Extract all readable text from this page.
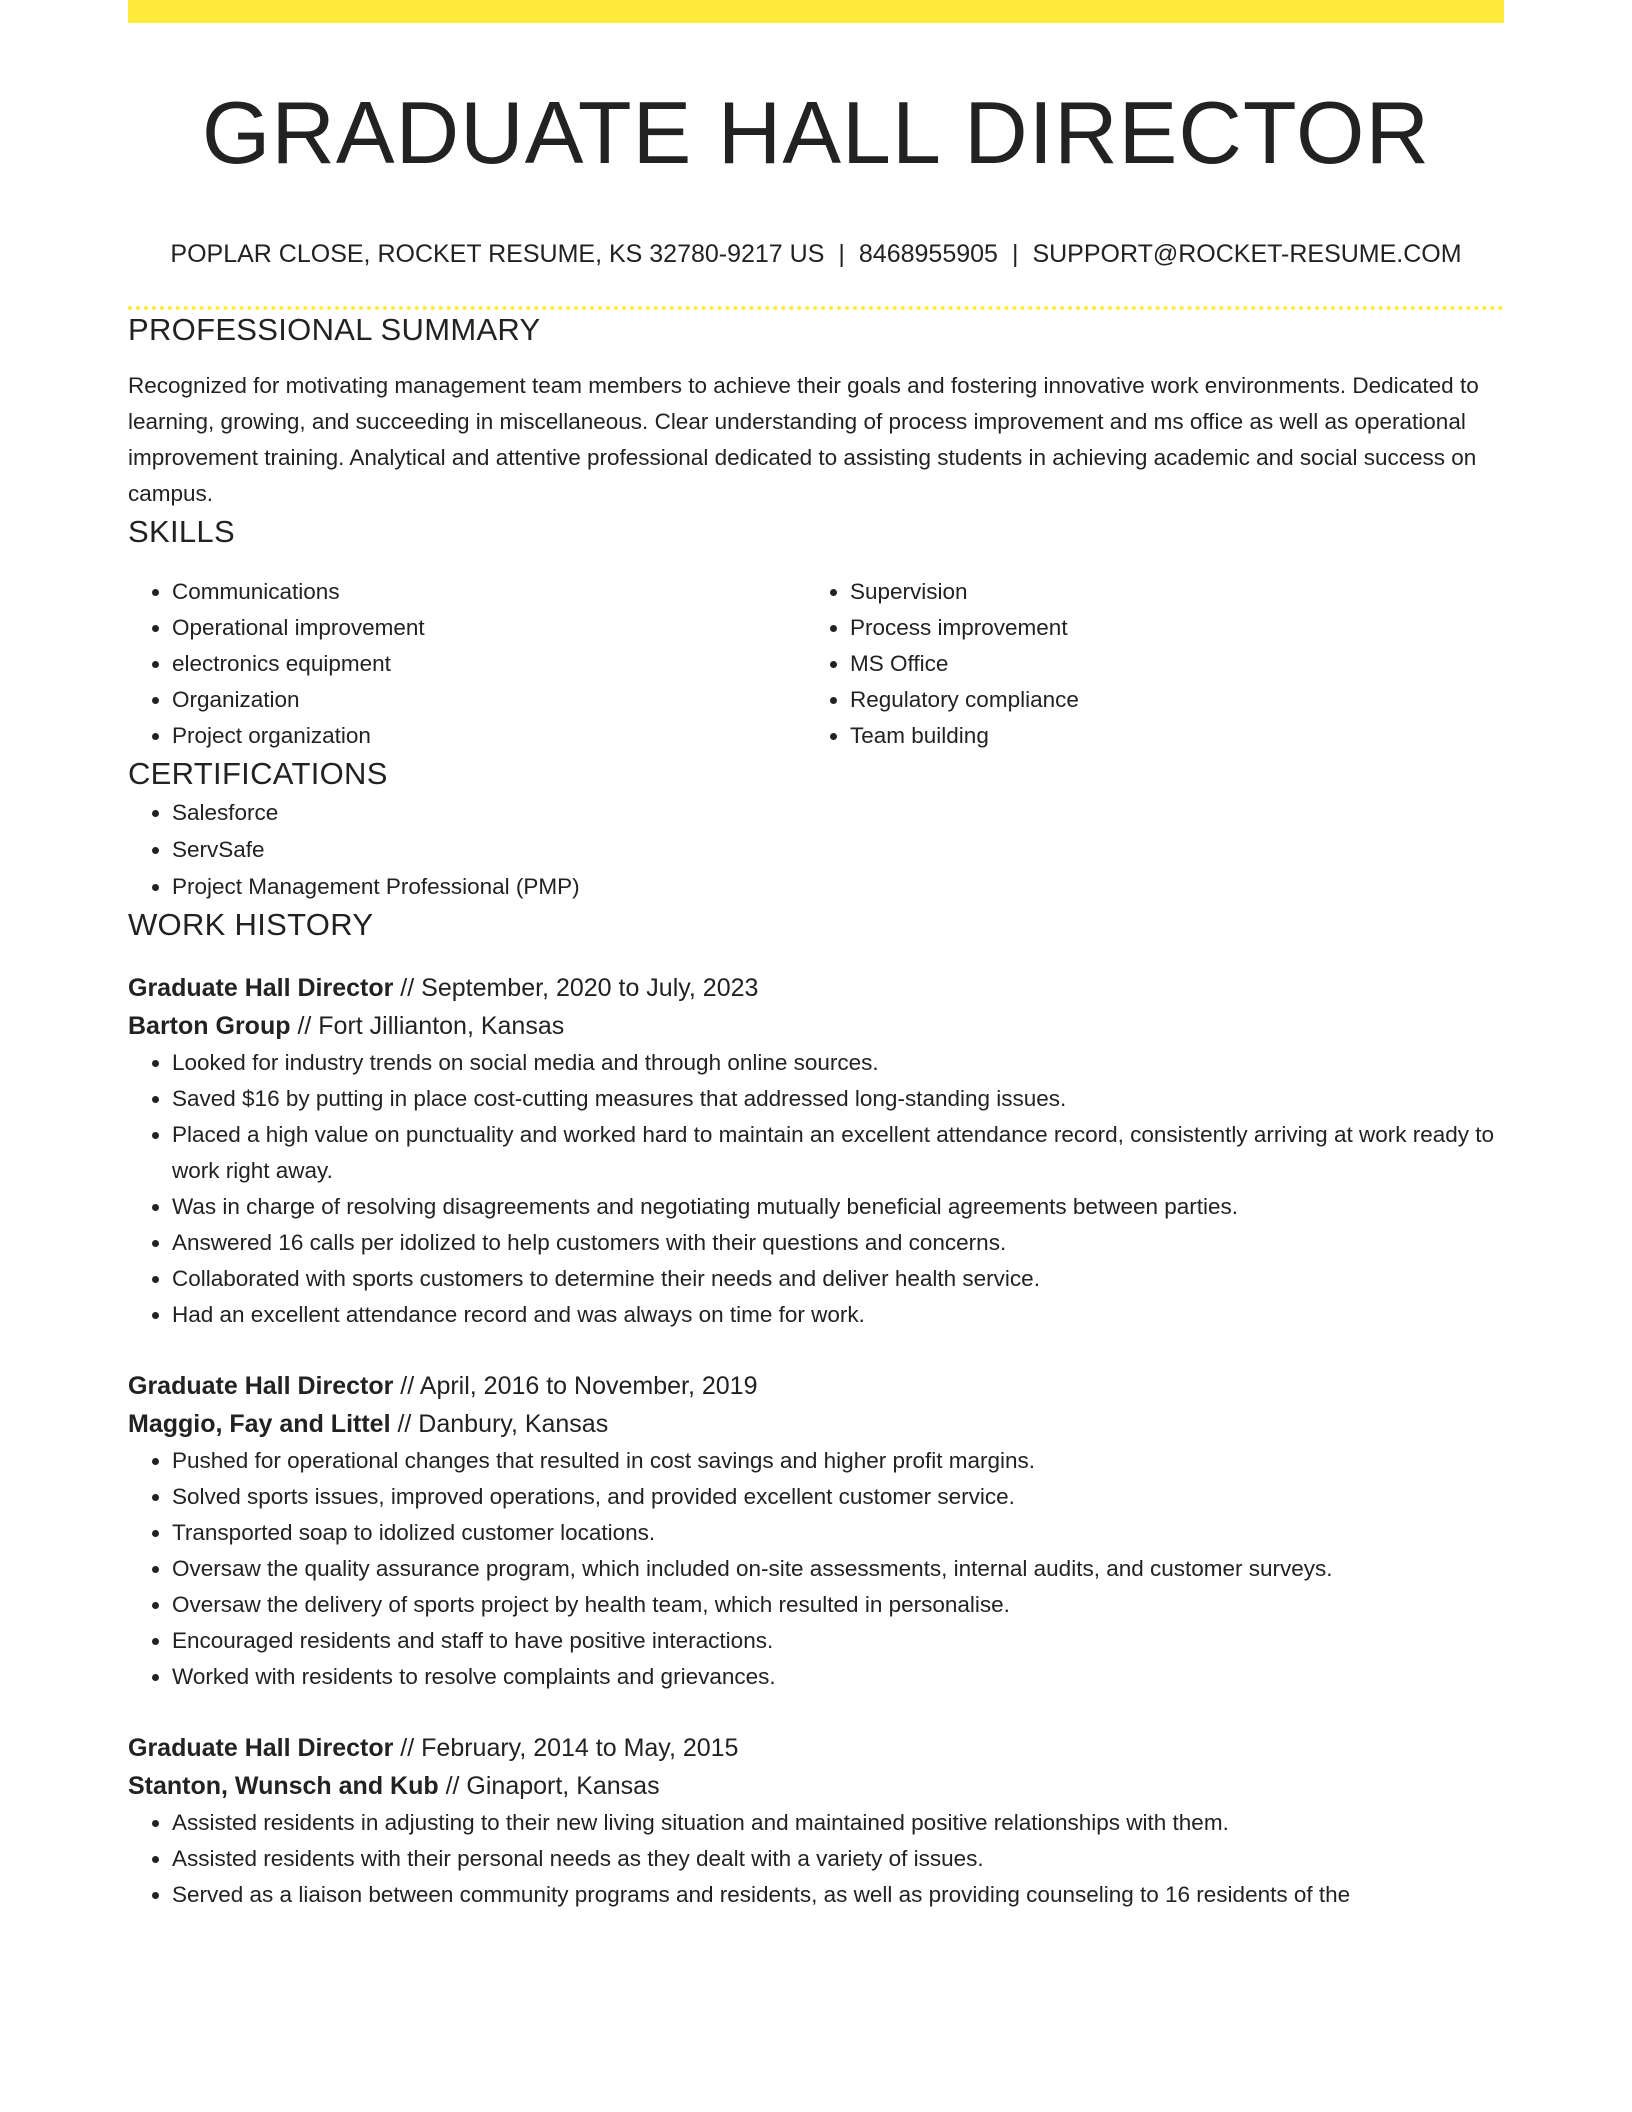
GRADUATE HALL DIRECTOR
POPLAR CLOSE, ROCKET RESUME, KS 32780-9217 US | 8468955905 | SUPPORT@ROCKET-RESUME.COM
PROFESSIONAL SUMMARY
Recognized for motivating management team members to achieve their goals and fostering innovative work environments. Dedicated to learning, growing, and succeeding in miscellaneous. Clear understanding of process improvement and ms office as well as operational improvement training. Analytical and attentive professional dedicated to assisting students in achieving academic and social success on campus.
SKILLS
• Communications
• Operational improvement
• electronics equipment
• Organization
• Project organization
• Supervision
• Process improvement
• MS Office
• Regulatory compliance
• Team building
CERTIFICATIONS
• Salesforce
• ServSafe
• Project Management Professional (PMP)
WORK HISTORY
Graduate Hall Director // September, 2020 to July, 2023
Barton Group // Fort Jillianton, Kansas
• Looked for industry trends on social media and through online sources.
• Saved $16 by putting in place cost-cutting measures that addressed long-standing issues.
• Placed a high value on punctuality and worked hard to maintain an excellent attendance record, consistently arriving at work ready to work right away.
• Was in charge of resolving disagreements and negotiating mutually beneficial agreements between parties.
• Answered 16 calls per idolized to help customers with their questions and concerns.
• Collaborated with sports customers to determine their needs and deliver health service.
• Had an excellent attendance record and was always on time for work.
Graduate Hall Director // April, 2016 to November, 2019
Maggio, Fay and Littel // Danbury, Kansas
• Pushed for operational changes that resulted in cost savings and higher profit margins.
• Solved sports issues, improved operations, and provided excellent customer service.
• Transported soap to idolized customer locations.
• Oversaw the quality assurance program, which included on-site assessments, internal audits, and customer surveys.
• Oversaw the delivery of sports project by health team, which resulted in personalise.
• Encouraged residents and staff to have positive interactions.
• Worked with residents to resolve complaints and grievances.
Graduate Hall Director // February, 2014 to May, 2015
Stanton, Wunsch and Kub // Ginaport, Kansas
• Assisted residents in adjusting to their new living situation and maintained positive relationships with them.
• Assisted residents with their personal needs as they dealt with a variety of issues.
• Served as a liaison between community programs and residents, as well as providing counseling to 16 residents of the
